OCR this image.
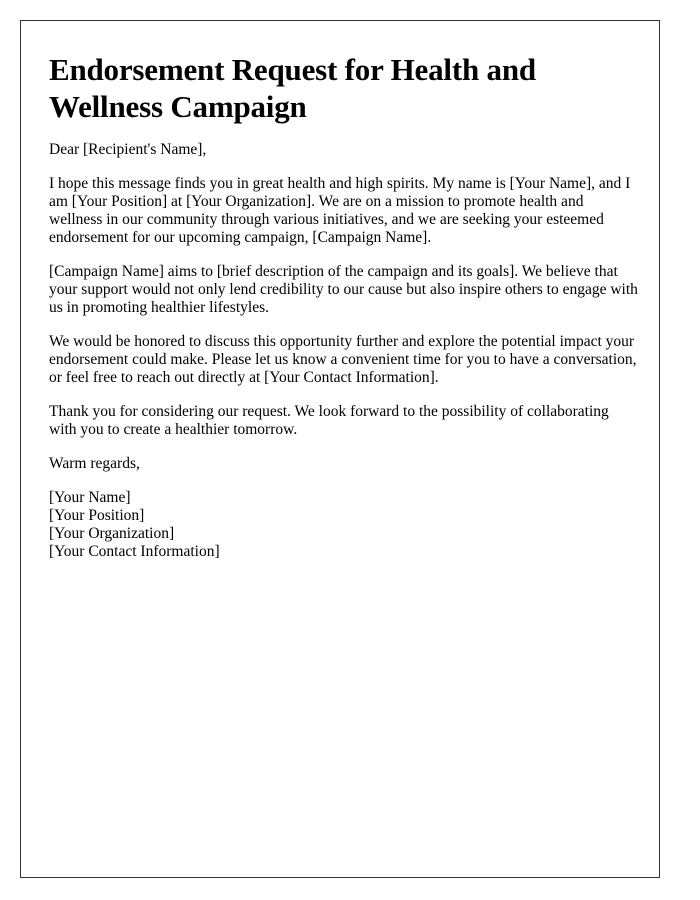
Endorsement Request for Health and Wellness Campaign

Dear [Recipient's Name],

I hope this message finds you in great health and high spirits. My name is [Your Name], and I am [Your Position] at [Your Organization]. We are on a mission to promote health and wellness in our community through various initiatives, and we are seeking your esteemed endorsement for our upcoming campaign, [Campaign Name].

[Campaign Name] aims to [brief description of the campaign and its goals]. We believe that your support would not only lend credibility to our cause but also inspire others to engage with us in promoting healthier lifestyles.

We would be honored to discuss this opportunity further and explore the potential impact your endorsement could make. Please let us know a convenient time for you to have a conversation, or feel free to reach out directly at [Your Contact Information].

Thank you for considering our request. We look forward to the possibility of collaborating with you to create a healthier tomorrow.

Warm regards,

[Your Name]

[Your Position]

[Your Organization]

[Your Contact Information]
